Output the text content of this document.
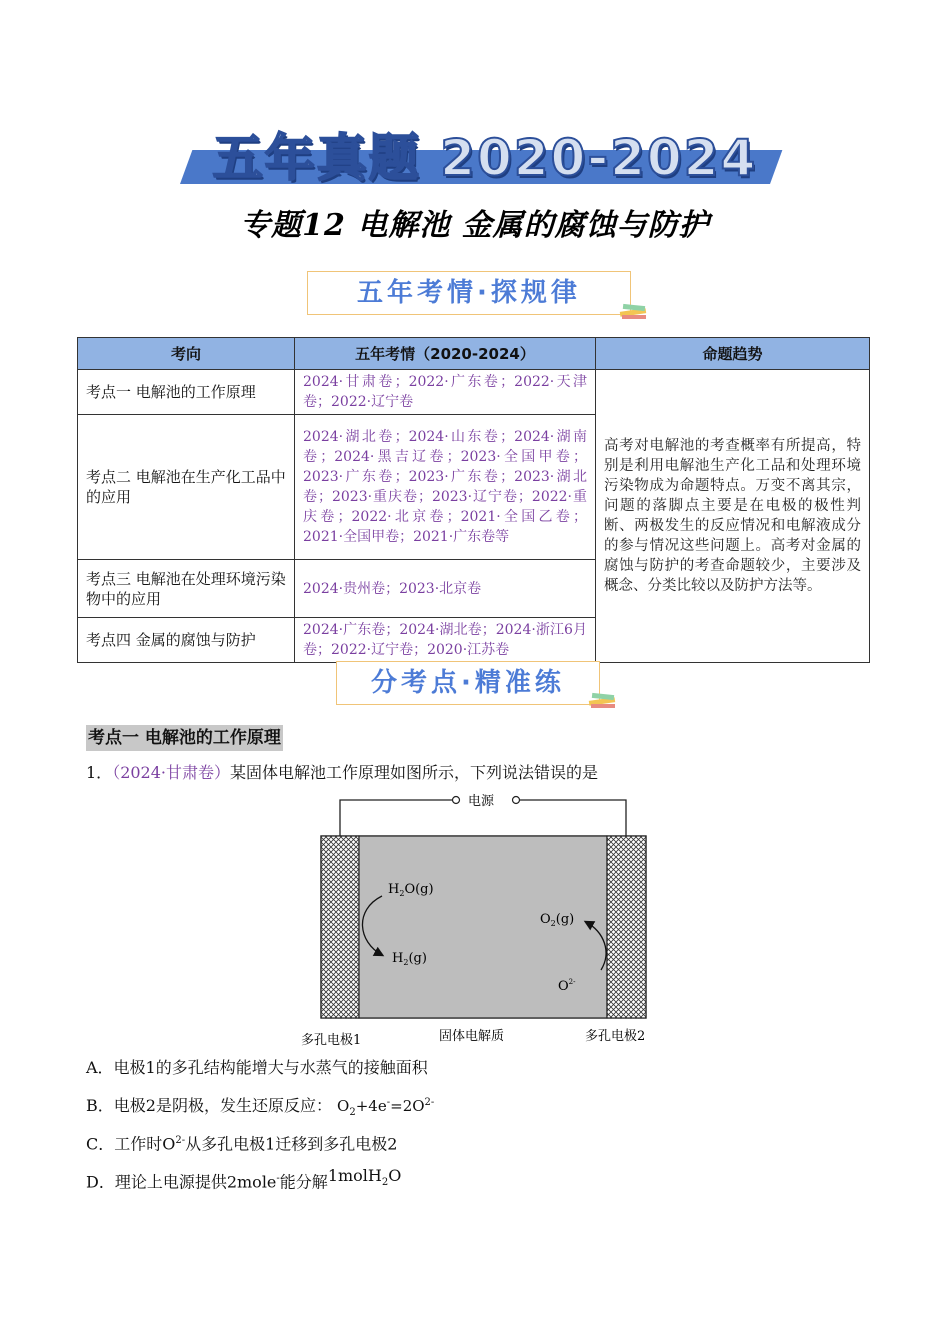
五年真题 2020-2024
专题12 电解池 金属的腐蚀与防护
五年考情·探规律
考向	五年考情（2020-2024）	命题趋势
考点一 电解池的工作原理	2024·甘肃卷；2022·广东卷；2022·天津卷；2022·辽宁卷	高考对电解池的考查概率有所提高，特别是利用电解池生产化工品和处理环境污染物成为命题特点。万变不离其宗，问题的落脚点主要是在电极的极性判断、两极发生的反应情况和电解液成分的参与情况这些问题上。高考对金属的腐蚀与防护的考查命题较少，主要涉及概念、分类比较以及防护方法等。
考点二 电解池在生产化工品中的应用	2024·湖北卷；2024·山东卷；2024·湖南卷；2024·黑吉辽卷；2023·全国甲卷；2023·广东卷；2023·广东卷；2023·湖北卷；2023·重庆卷；2023·辽宁卷；2022·重庆卷；2022·北京卷；2021·全国乙卷；2021·全国甲卷；2021·广东卷等	
考点三 电解池在处理环境污染物中的应用	2024·贵州卷；2023·北京卷	
考点四 金属的腐蚀与防护	2024·广东卷；2024·湖北卷；2024·浙江6月卷；2022·辽宁卷；2020·江苏卷	
分考点·精准练
考点一 电解池的工作原理
1．（2024·甘肃卷）某固体电解池工作原理如图所示，下列说法错误的是
电源
$H_2O(g)$
$H_2(g)$
$O_2(g)$
$O^{2-}$
多孔电极1	固体电解质	多孔电极2
A．电极1的多孔结构能增大与水蒸气的接触面积
B．电极2是阴极，发生还原反应： $O_2+4e^-=2O^{2-}$
C．工作时$O^{2-}$从多孔电极1迁移到多孔电极2
D．理论上电源提供2mole-能分解1molH$_2$O
